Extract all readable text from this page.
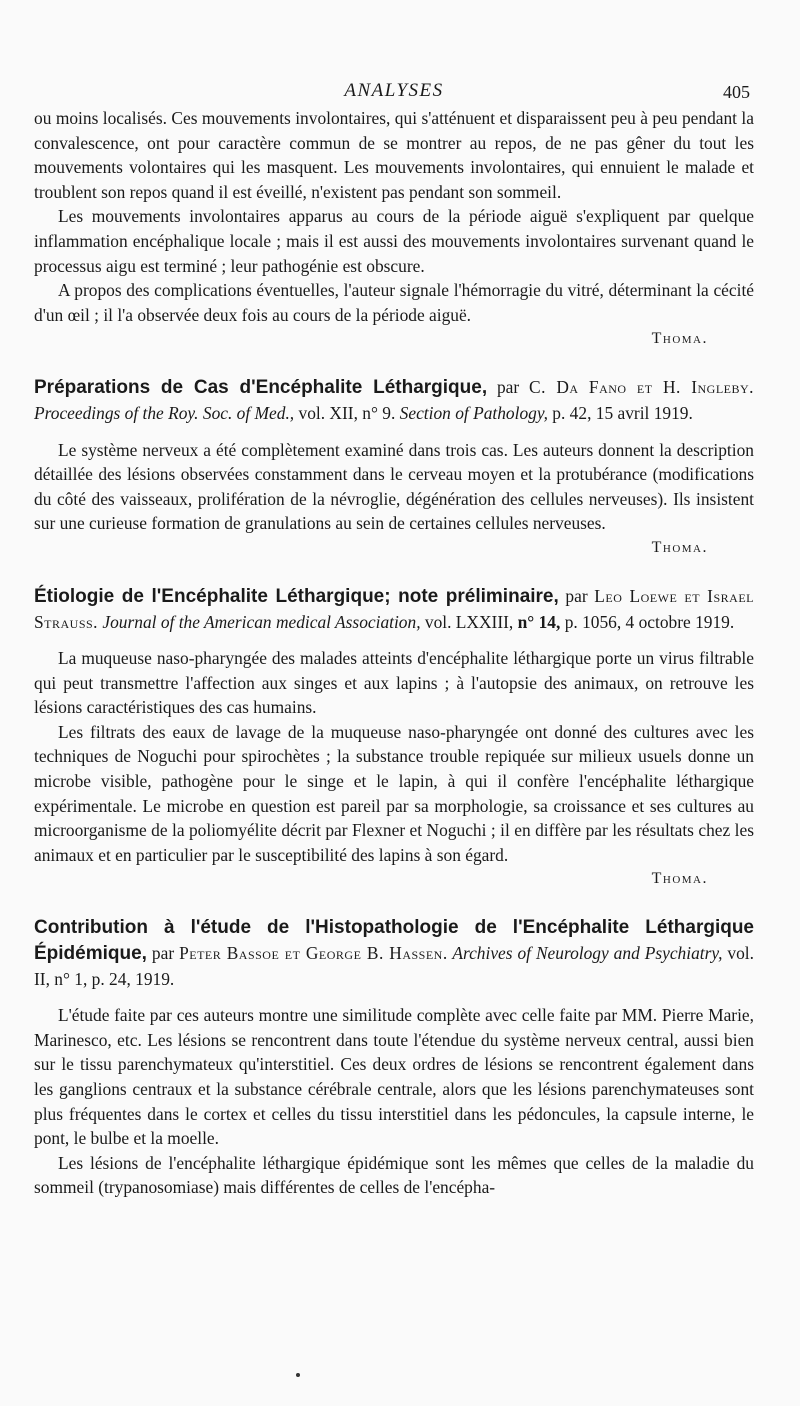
ANALYSES	405

ou moins localisés. Ces mouvements involontaires, qui s'atténuent et disparaissent peu à peu pendant la convalescence, ont pour caractère commun de se montrer au repos, de ne pas gêner du tout les mouvements volontaires qui les masquent. Les mouvements involontaires, qui ennuient le malade et troublent son repos quand il est éveillé, n'existent pas pendant son sommeil.

Les mouvements involontaires apparus au cours de la période aiguë s'expliquent par quelque inflammation encéphalique locale ; mais il est aussi des mouvements involontaires survenant quand le processus aigu est terminé ; leur pathogénie est obscure.

A propos des complications éventuelles, l'auteur signale l'hémorragie du vitré, déterminant la cécité d'un œil ; il l'a observée deux fois au cours de la période aiguë.

Thoma.
Préparations de Cas d'Encéphalite Léthargique, par C. Da Fano et H. Ingleby. Proceedings of the Roy. Soc. of Med., vol. XII, n° 9. Section of Pathology, p. 42, 15 avril 1919.

Le système nerveux a été complètement examiné dans trois cas. Les auteurs donnent la description détaillée des lésions observées constamment dans le cerveau moyen et la protubérance (modifications du côté des vaisseaux, prolifération de la névroglie, dégénération des cellules nerveuses). Ils insistent sur une curieuse formation de granulations au sein de certaines cellules nerveuses.

Thoma.
Étiologie de l'Encéphalite Léthargique; note préliminaire, par Leo Loewe et Israel Strauss. Journal of the American medical Association, vol. LXXIII, n° 14, p. 1056, 4 octobre 1919.

La muqueuse naso-pharyngée des malades atteints d'encéphalite léthargique porte un virus filtrable qui peut transmettre l'affection aux singes et aux lapins ; à l'autopsie des animaux, on retrouve les lésions caractéristiques des cas humains.

Les filtrats des eaux de lavage de la muqueuse naso-pharyngée ont donné des cultures avec les techniques de Noguchi pour spirochètes ; la substance trouble repiquée sur milieux usuels donne un microbe visible, pathogène pour le singe et le lapin, à qui il confère l'encéphalite léthargique expérimentale. Le microbe en question est pareil par sa morphologie, sa croissance et ses cultures au microorganisme de la poliomyélite décrit par Flexner et Noguchi ; il en diffère par les résultats chez les animaux et en particulier par le susceptibilité des lapins à son égard.

Thoma.
Contribution à l'étude de l'Histopathologie de l'Encéphalite Léthargique Épidémique, par Peter Bassoe et George B. Hassen. Archives of Neurology and Psychiatry, vol. II, n° 1, p. 24, 1919.

L'étude faite par ces auteurs montre une similitude complète avec celle faite par MM. Pierre Marie, Marinesco, etc. Les lésions se rencontrent dans toute l'étendue du système nerveux central, aussi bien sur le tissu parenchymateux qu'interstitiel. Ces deux ordres de lésions se rencontrent également dans les ganglions centraux et la substance cérébrale centrale, alors que les lésions parenchymateuses sont plus fréquentes dans le cortex et celles du tissu interstitiel dans les pédoncules, la capsule interne, le pont, le bulbe et la moelle.

Les lésions de l'encéphalite léthargique épidémique sont les mêmes que celles de la maladie du sommeil (trypanosomiase) mais différentes de celles de l'encépha-
